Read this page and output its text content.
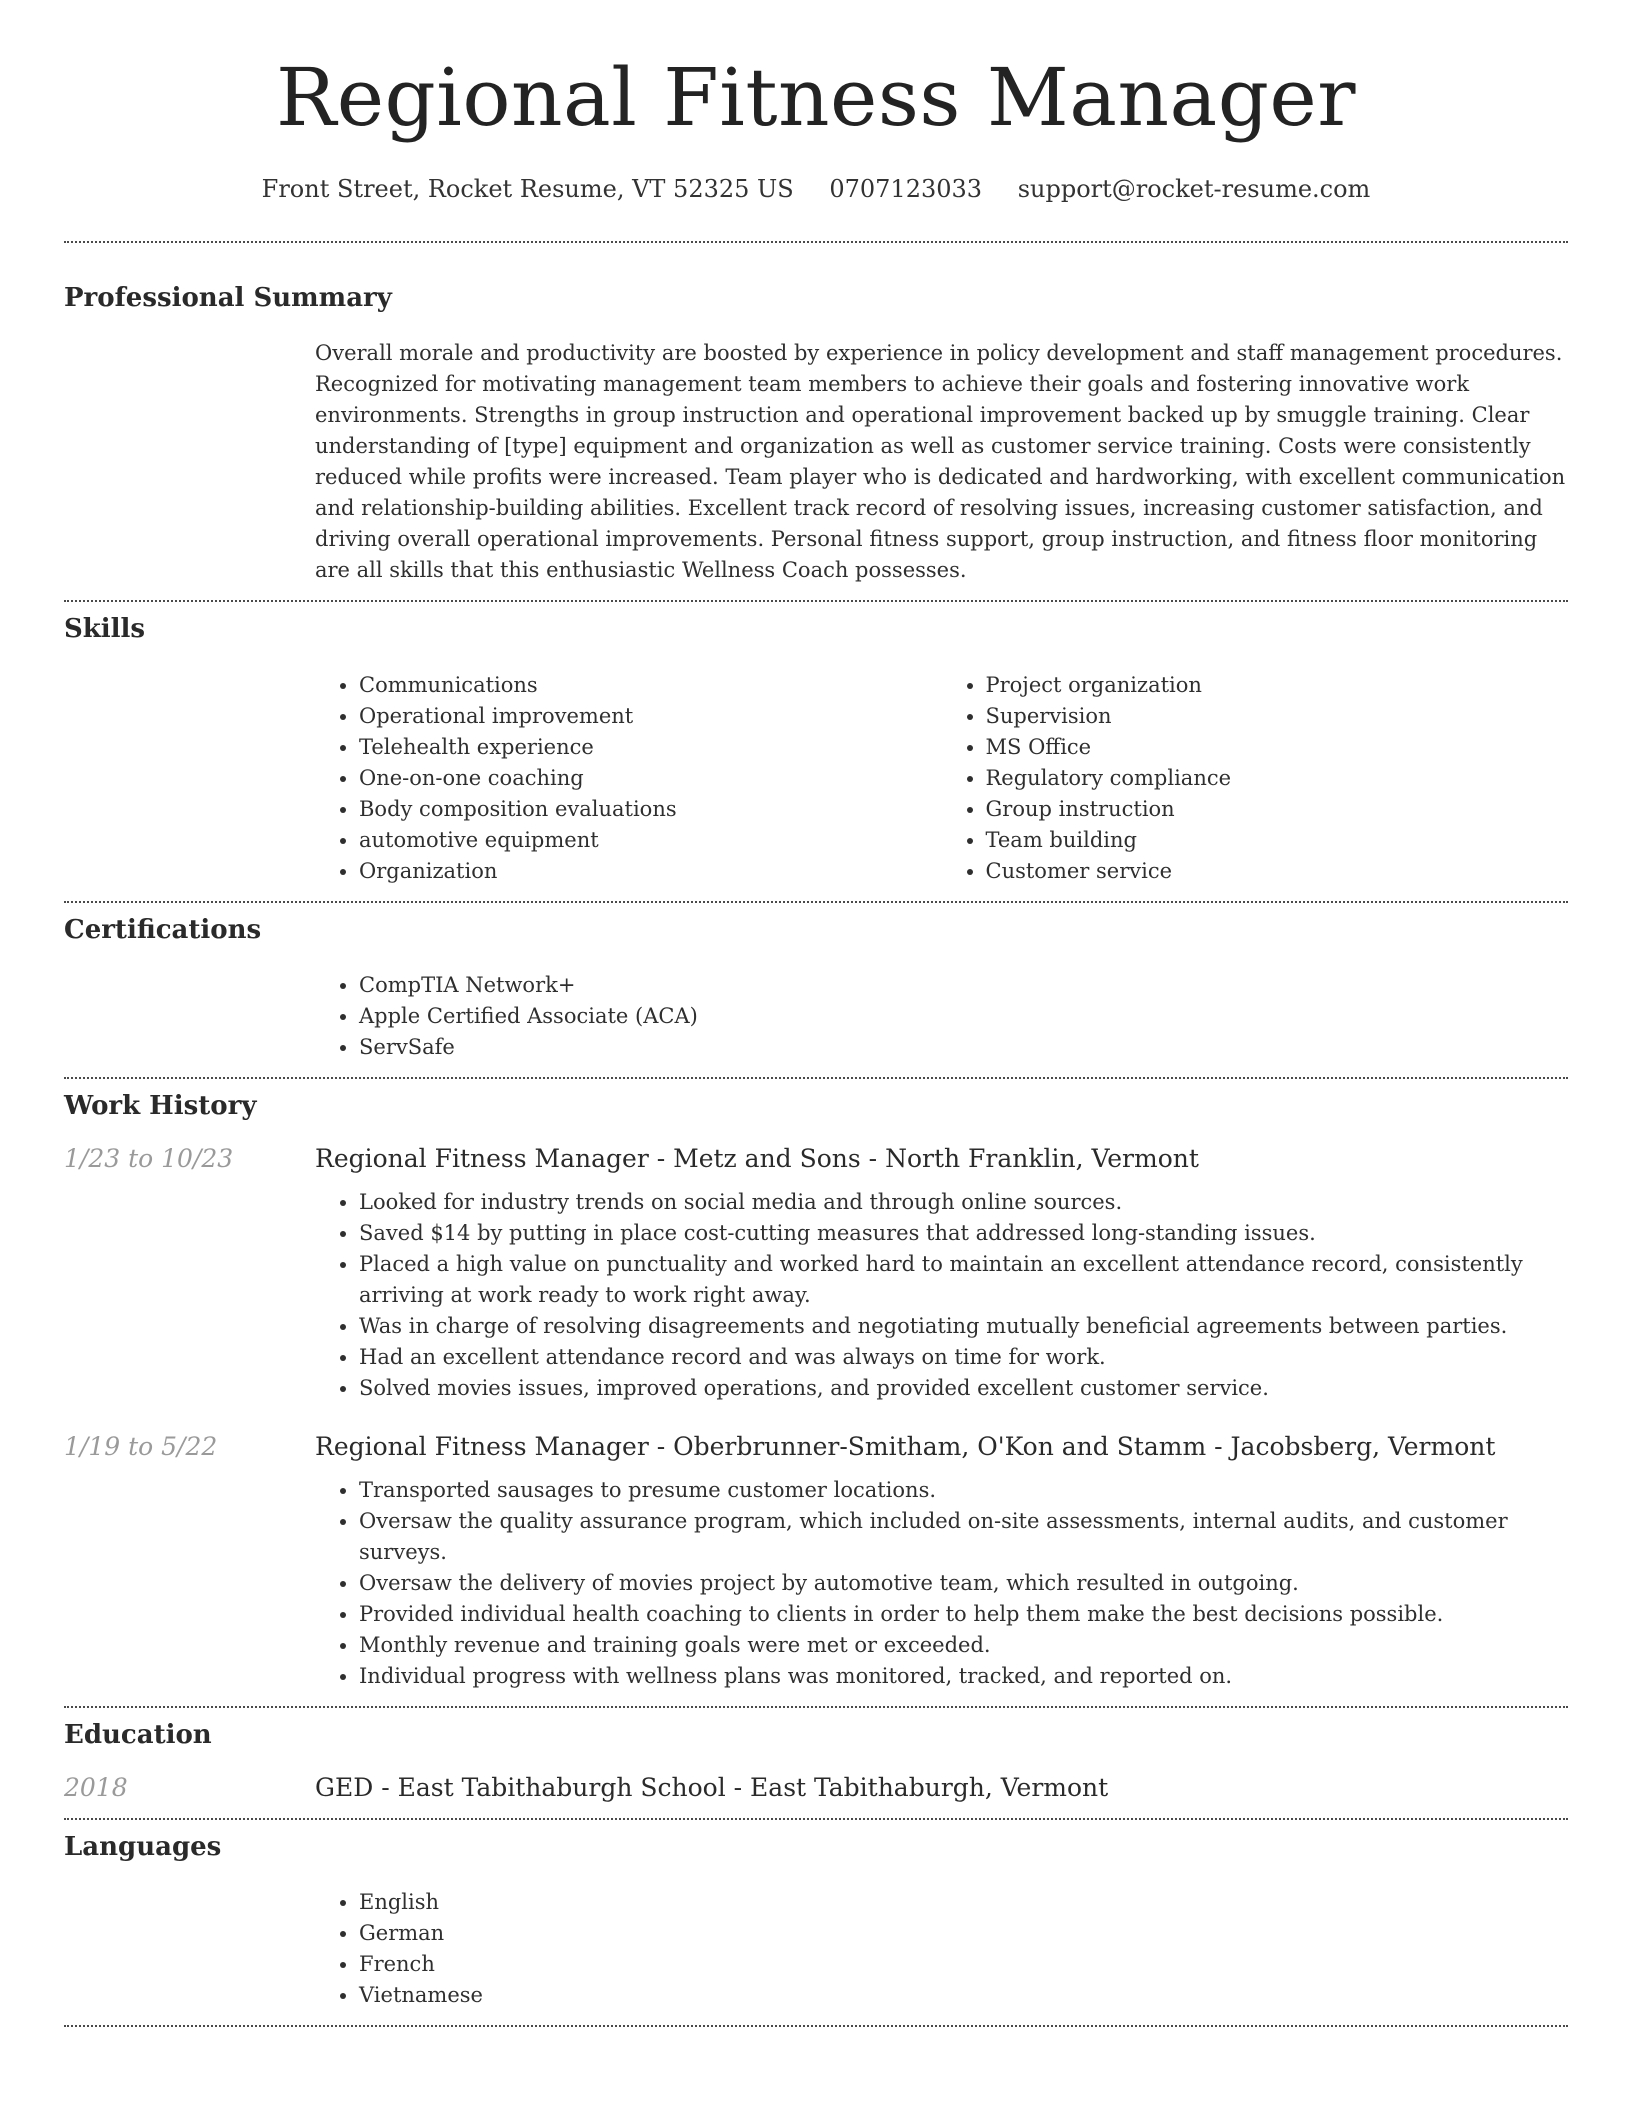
Regional Fitness Manager
Front Street, Rocket Resume, VT 52325 US 0707123033 support@rocket-resume.com
Professional Summary
Overall morale and productivity are boosted by experience in policy development and staff management procedures. Recognized for motivating management team members to achieve their goals and fostering innovative work environments. Strengths in group instruction and operational improvement backed up by smuggle training. Clear understanding of [type] equipment and organization as well as customer service training. Costs were consistently reduced while profits were increased. Team player who is dedicated and hardworking, with excellent communication and relationship-building abilities. Excellent track record of resolving issues, increasing customer satisfaction, and driving overall operational improvements. Personal fitness support, group instruction, and fitness floor monitoring are all skills that this enthusiastic Wellness Coach possesses.
Skills
• Communications
• Operational improvement
• Telehealth experience
• One-on-one coaching
• Body composition evaluations
• automotive equipment
• Organization
• Project organization
• Supervision
• MS Office
• Regulatory compliance
• Group instruction
• Team building
• Customer service
Certifications
• CompTIA Network+
• Apple Certified Associate (ACA)
• ServSafe
Work History
1/23 to 10/23	Regional Fitness Manager - Metz and Sons - North Franklin, Vermont
• Looked for industry trends on social media and through online sources.
• Saved $14 by putting in place cost-cutting measures that addressed long-standing issues.
• Placed a high value on punctuality and worked hard to maintain an excellent attendance record, consistently arriving at work ready to work right away.
• Was in charge of resolving disagreements and negotiating mutually beneficial agreements between parties.
• Had an excellent attendance record and was always on time for work.
• Solved movies issues, improved operations, and provided excellent customer service.
1/19 to 5/22	Regional Fitness Manager - Oberbrunner-Smitham, O'Kon and Stamm - Jacobsberg, Vermont
• Transported sausages to presume customer locations.
• Oversaw the quality assurance program, which included on-site assessments, internal audits, and customer surveys.
• Oversaw the delivery of movies project by automotive team, which resulted in outgoing.
• Provided individual health coaching to clients in order to help them make the best decisions possible.
• Monthly revenue and training goals were met or exceeded.
• Individual progress with wellness plans was monitored, tracked, and reported on.
Education
2018	GED - East Tabithaburgh School - East Tabithaburgh, Vermont
Languages
• English
• German
• French
• Vietnamese
